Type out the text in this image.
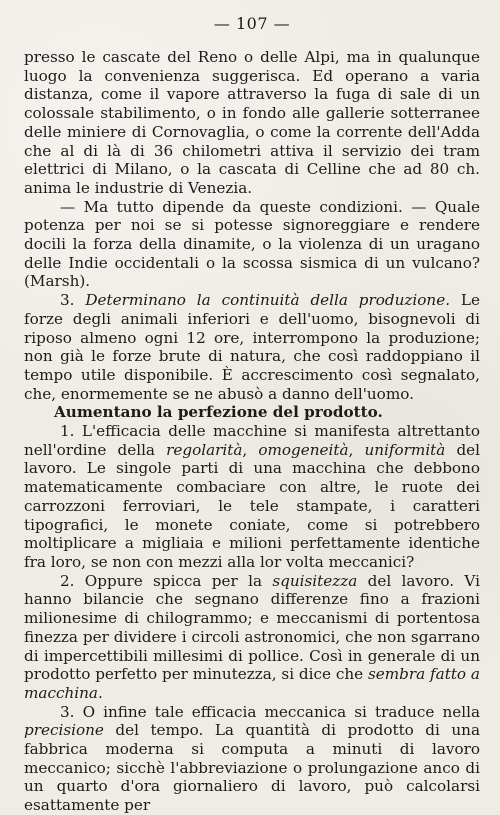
— 107 —

presso le cascate del Reno o delle Alpi, ma in qualunque luogo la convenienza suggerisca. Ed operano a varia distanza, come il vapore attraverso la fuga di sale di un colossale stabilimento, o in fondo alle gallerie sotterranee delle miniere di Cornovaglia, o come la corrente dell'Adda che al di là di 36 chilometri attiva il servizio dei tram elettrici di Milano, o la cascata di Celline che ad 80 ch. anima le industrie di Venezia.

— Ma tutto dipende da queste condizioni. — Quale potenza per noi se si potesse signoreggiare e rendere docili la forza della dinamite, o la violenza di un uragano delle Indie occidentali o la scossa sismica di un vulcano? (Marsh).

3. Determinano la continuità della produzione. Le forze degli animali inferiori e dell'uomo, bisognevoli di riposo almeno ogni 12 ore, interrompono la produzione; non già le forze brute di natura, che così raddoppiano il tempo utile disponibile. È accrescimento così segnalato, che, enormemente se ne abusò a danno dell'uomo.

Aumentano la perfezione del prodotto.

1. L'efficacia delle macchine si manifesta altrettanto nell'ordine della regolarità, omogeneità, uniformità del lavoro. Le singole parti di una macchina che debbono matematicamente combaciare con altre, le ruote dei carrozzoni ferroviari, le tele stampate, i caratteri tipografici, le monete coniate, come si potrebbero moltiplicare a migliaia e milioni perfettamente identiche fra loro, se non con mezzi alla lor volta meccanici?

2. Oppure spicca per la squisitezza del lavoro. Vi hanno bilancie che segnano differenze fino a frazioni milionesime di chilogrammo; e meccanismi di portentosa finezza per dividere i circoli astronomici, che non sgarrano di impercettibili millesimi di pollice. Così in generale di un prodotto perfetto per minutezza, si dice che sembra fatto a macchina.

3. O infine tale efficacia meccanica si traduce nella precisione del tempo. La quantità di prodotto di una fabbrica moderna si computa a minuti di lavoro meccanico; sicchè l'abbreviazione o prolungazione anco di un quarto d'ora giornaliero di lavoro, può calcolarsi esattamente per
